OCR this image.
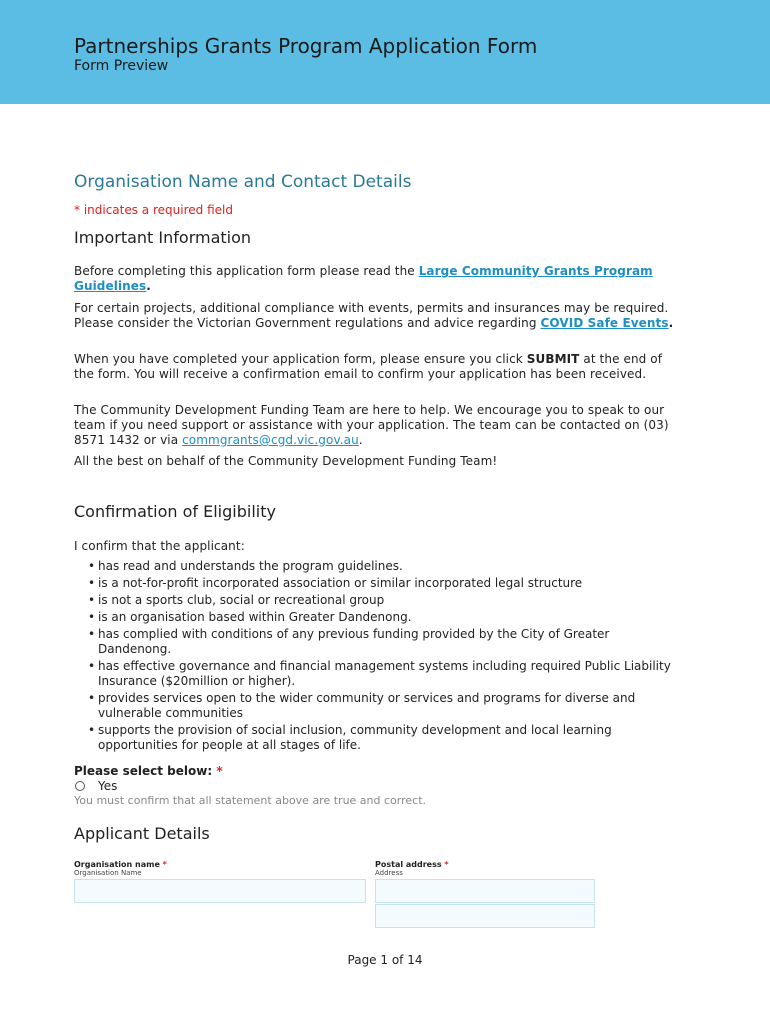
Partnerships Grants Program Application Form
Form Preview
Organisation Name and Contact Details
* indicates a required field
Important Information
Before completing this application form please read the Large Community Grants Program Guidelines.
For certain projects, additional compliance with events, permits and insurances may be required. Please consider the Victorian Government regulations and advice regarding COVID Safe Events.
When you have completed your application form, please ensure you click SUBMIT at the end of the form. You will receive a confirmation email to confirm your application has been received.
The Community Development Funding Team are here to help. We encourage you to speak to our team if you need support or assistance with your application. The team can be contacted on (03) 8571 1432 or via commgrants@cgd.vic.gov.au.
All the best on behalf of the Community Development Funding Team!
Confirmation of Eligibility
I confirm that the applicant:
• has read and understands the program guidelines.
• is a not-for-profit incorporated association or similar incorporated legal structure
• is not a sports club, social or recreational group
• is an organisation based within Greater Dandenong.
• has complied with conditions of any previous funding provided by the City of Greater Dandenong.
• has effective governance and financial management systems including required Public Liability Insurance ($20million or higher).
• provides services open to the wider community or services and programs for diverse and vulnerable communities
• supports the provision of social inclusion, community development and local learning opportunities for people at all stages of life.
Please select below: *
Yes
You must confirm that all statement above are true and correct.
Applicant Details
Organisation name *
Organisation Name
Postal address *
Address
Page 1 of 14
